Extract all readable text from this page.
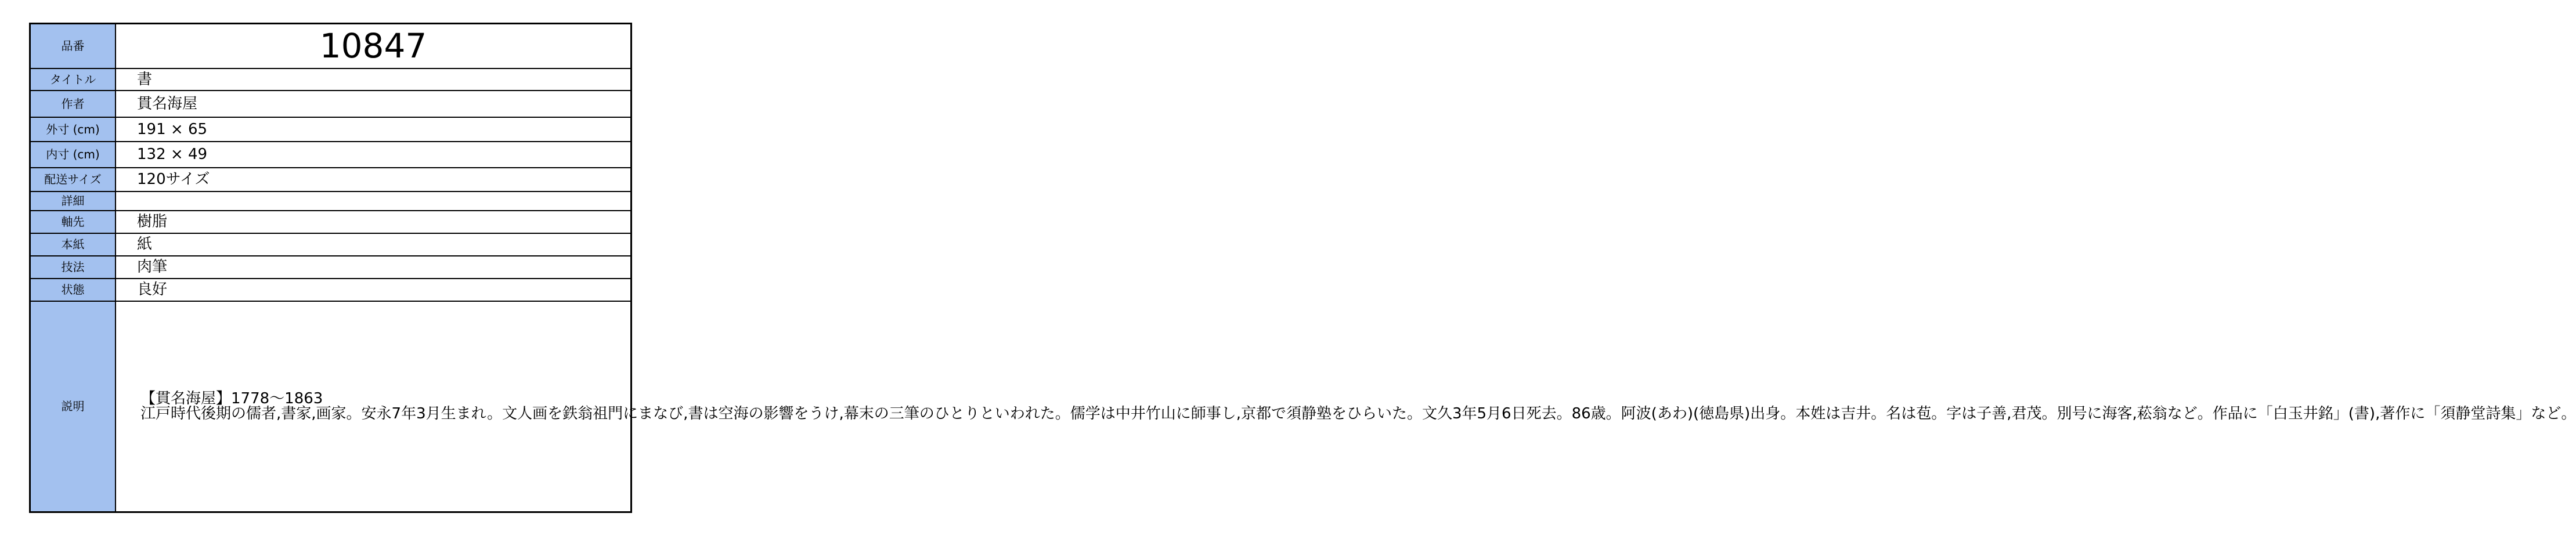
品番	10847
タイトル	書

作者	貫名海屋

外寸 (cm)	191 × 65

内寸 (cm)	132 × 49

配送サイズ	120サイズ

詳細	

軸先	樹脂

本紙	紙

技法	肉筆

状態	良好

説明	【貫名海屋】1778〜1863
江戸時代後期の儒者,書家,画家。安永7年3月生まれ。文人画を鉄翁祖門にまなび,書は空海の影響をうけ,幕末の三筆のひとりといわれた。儒学は中井竹山に師事し,京都で須静塾をひらいた。文久3年5月6日死去。86歳。阿波(あわ)(徳島県)出身。本姓は吉井。名は苞。字は子善,君茂。別号に海客,菘翁など。作品に「白玉井銘」(書),著作に「須静堂詩集」など。
